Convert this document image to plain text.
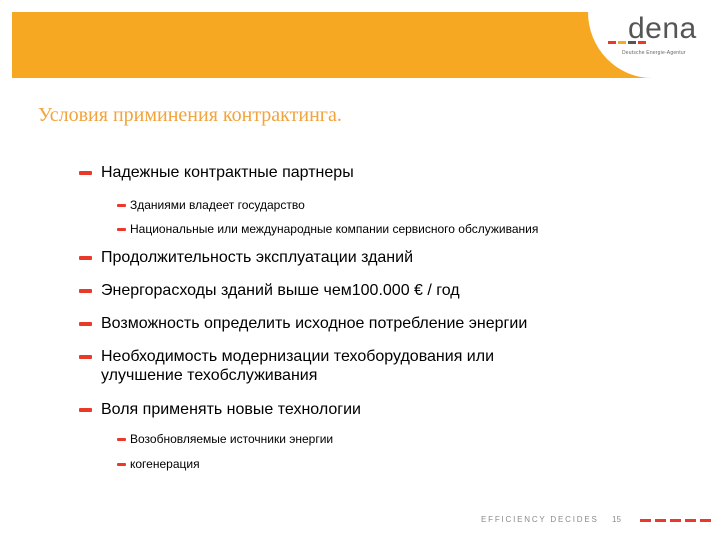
dena
Deutsche Energie-Agentur
Условия приминения контрактинга.
Надежные контрактные партнеры
Зданиями владеет государство
Национальные или международные компании сервисного обслуживания
Продолжительность эксплуатации зданий
Энергорасходы зданий выше чем100.000 € / год
Возможность определить исходное потребление энергии
Необходимость модернизации техоборудования или
улучшение техобслуживания
Воля применять новые технологии
Возобновляемые источники энергии
когенерация
EFFICIENCY DECIDES 15
